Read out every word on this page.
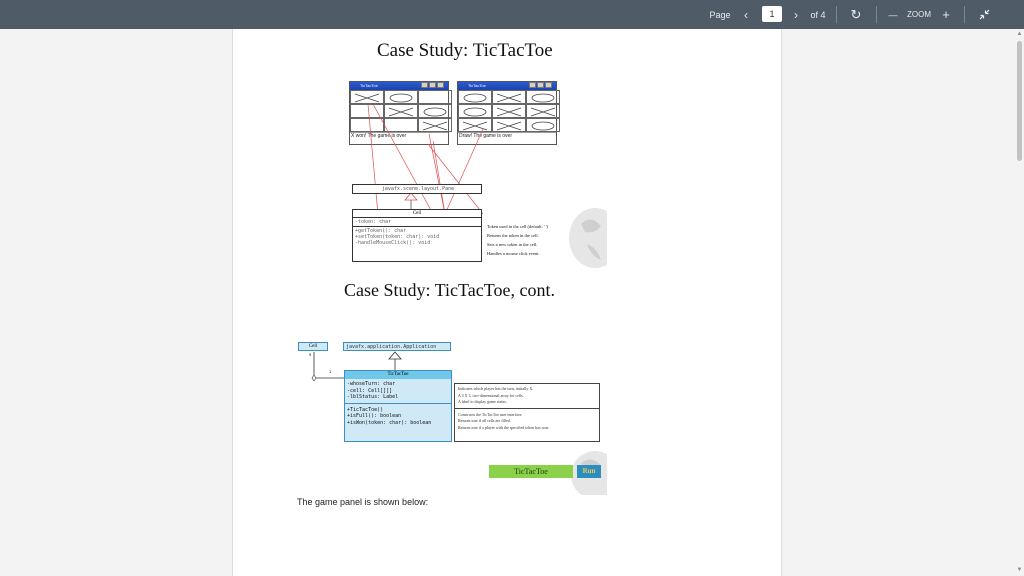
Page	‹	1	›	of 4	↻	—	ZOOM +
Case Study: TicTacToe
TicTacToe
X won! The game is over
TicTacToe
Draw! The game is over
javafx.scene.layout.Pane
Cell
-token: char
+getToken(): char
+setToken(token: char): void
-handleMouseClick(): void
Token used in the cell (default: ' ')
Returns the token in the cell.
Sets a new token in the cell.
Handles a mouse click event.
Case Study: TicTacToe, cont.
Cell
9
1
javafx.application.Application
TicTacToe
-whoseTurn: char
-cell: Cell[][]
-lblStatus: Label
+TicTacToe()
+isFull(): boolean
+isWon(token: char): boolean
Indicates which player has the turn, initially X.
A 3 X 3, two-dimensional array for cells.
A label to display game status.
Constructs the TicTacToe user interface.
Returns true if all cells are filled.
Returns true if a player with the specified token has won.
TicTacToe	Run
The game panel is shown below:
▲
▼
